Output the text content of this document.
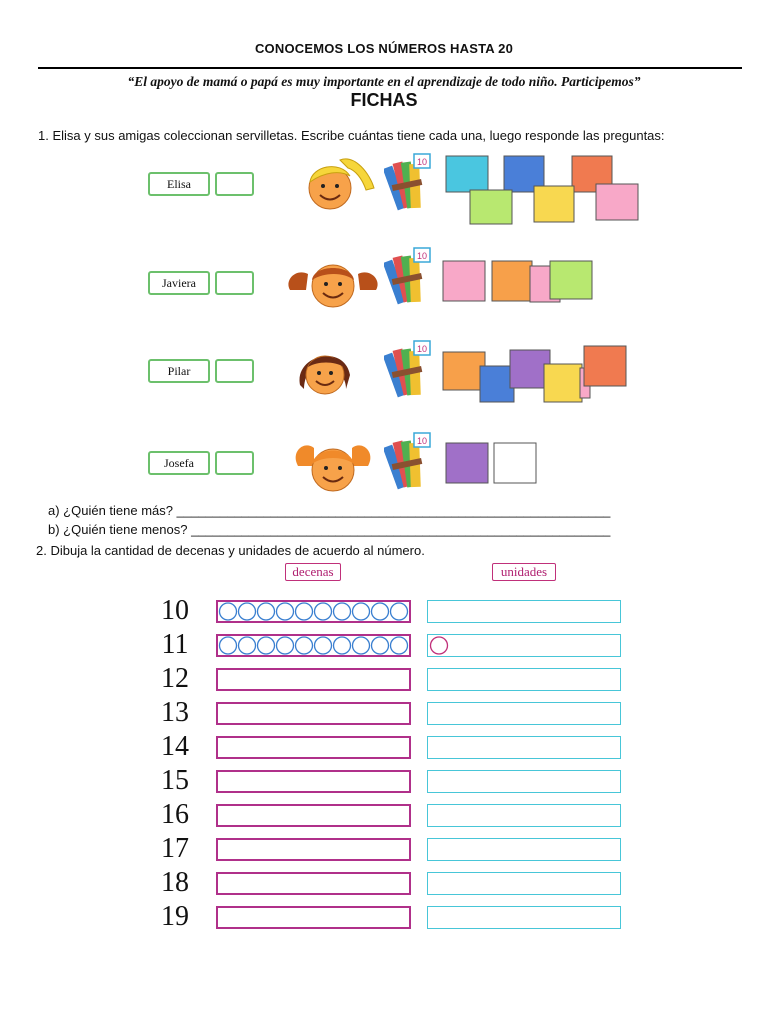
CONOCEMOS LOS NÚMEROS HASTA 20
“El apoyo de mamá o papá es muy importante en el aprendizaje de todo niño. Participemos”
FICHAS
1. Elisa y sus amigas coleccionan servilletas. Escribe cuántas tiene cada una, luego responde las preguntas:
Elisa
Javiera
Pilar
Josefa
10
10
10
10
a) ¿Quién tiene más? ____________________________________________________________
b) ¿Quién tiene menos? __________________________________________________________
2. Dibuja la cantidad de decenas y unidades de acuerdo al número.
decenas	unidades
10
11
12
13
14
15
16
17
18
19
